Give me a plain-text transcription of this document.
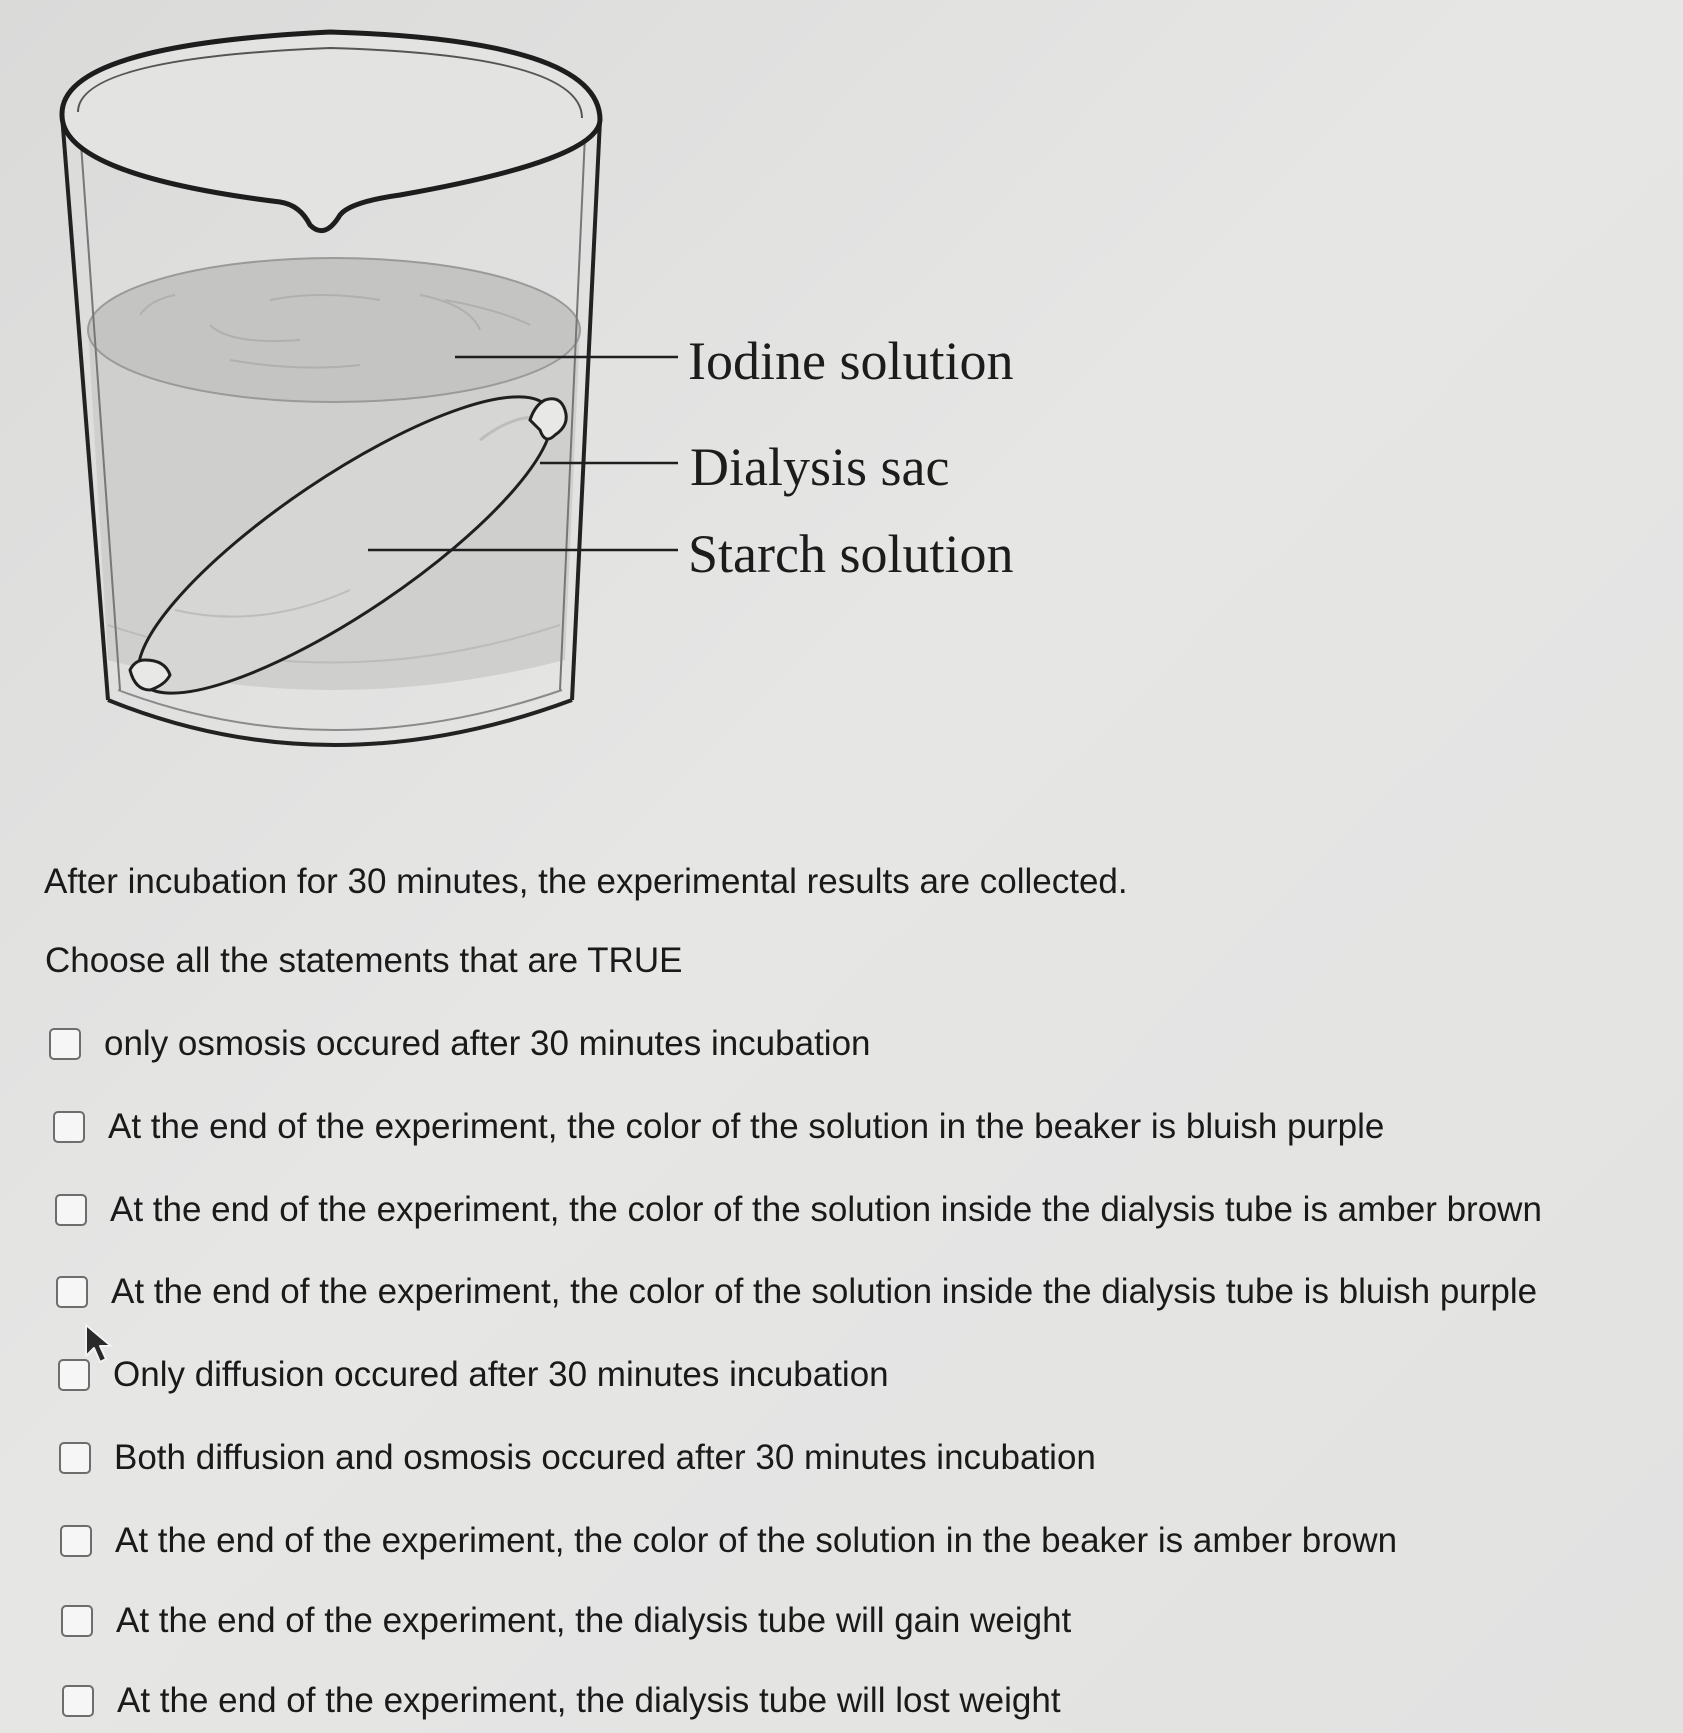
Iodine solution
Dialysis sac
Starch solution
After incubation for 30 minutes, the experimental results are collected.
Choose all the statements that are TRUE
only osmosis occured after 30 minutes incubation
At the end of the experiment, the color of the solution in the beaker is bluish purple
At the end of the experiment, the color of the solution inside the dialysis tube is amber brown
At the end of the experiment, the color of the solution inside the dialysis tube is bluish purple
Only diffusion occured after 30 minutes incubation
Both diffusion and osmosis occured after 30 minutes incubation
At the end of the experiment, the color of the solution in the beaker is amber brown
At the end of the experiment, the dialysis tube will gain weight
At the end of the experiment, the dialysis tube will lost weight
